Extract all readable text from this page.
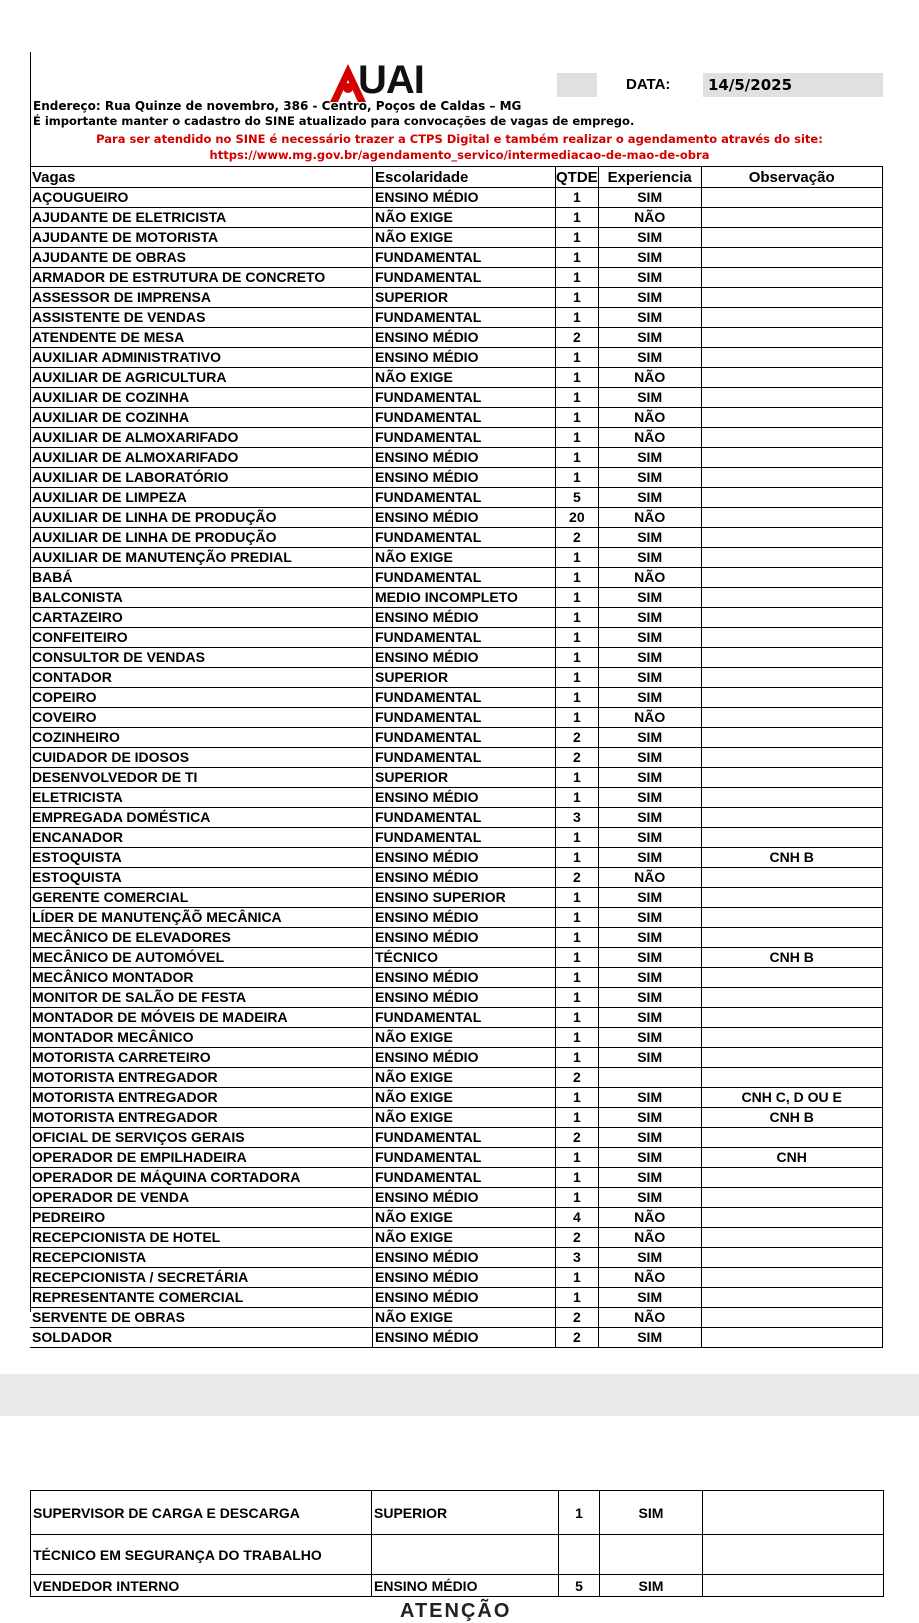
DATA:	14/5/2025
UAI
Endereço: Rua Quinze de novembro, 386 - Centro, Poços de Caldas – MG
É importante manter o cadastro do SINE atualizado para convocações de vagas de emprego.
Para ser atendido no SINE é necessário trazer a CTPS Digital e também realizar o agendamento através do site:
https://www.mg.gov.br/agendamento_servico/intermediacao-de-mao-de-obra
Vagas	Escolaridade	QTDE	Experiencia	Observação
AÇOUGUEIRO	ENSINO MÉDIO	1	SIM	
AJUDANTE DE ELETRICISTA	NÃO EXIGE	1	NÃO	
AJUDANTE DE MOTORISTA	NÃO EXIGE	1	SIM	
AJUDANTE DE OBRAS	FUNDAMENTAL	1	SIM	
ARMADOR DE ESTRUTURA DE CONCRETO	FUNDAMENTAL	1	SIM	
ASSESSOR DE IMPRENSA	SUPERIOR	1	SIM	
ASSISTENTE DE VENDAS	FUNDAMENTAL	1	SIM	
ATENDENTE DE MESA	ENSINO MÉDIO	2	SIM	
AUXILIAR ADMINISTRATIVO	ENSINO MÉDIO	1	SIM	
AUXILIAR DE AGRICULTURA	NÃO EXIGE	1	NÃO	
AUXILIAR DE COZINHA	FUNDAMENTAL	1	SIM	
AUXILIAR DE COZINHA	FUNDAMENTAL	1	NÃO	
AUXILIAR DE ALMOXARIFADO	FUNDAMENTAL	1	NÃO	
AUXILIAR DE ALMOXARIFADO	ENSINO MÉDIO	1	SIM	
AUXILIAR DE LABORATÓRIO	ENSINO MÉDIO	1	SIM	
AUXILIAR DE LIMPEZA	FUNDAMENTAL	5	SIM	
AUXILIAR DE LINHA DE PRODUÇÃO	ENSINO MÉDIO	20	NÃO	
AUXILIAR DE LINHA DE PRODUÇÃO	FUNDAMENTAL	2	SIM	
AUXILIAR DE MANUTENÇÃO PREDIAL	NÃO EXIGE	1	SIM	
BABÁ	FUNDAMENTAL	1	NÃO	
BALCONISTA	MEDIO INCOMPLETO	1	SIM	
CARTAZEIRO	ENSINO MÉDIO	1	SIM	
CONFEITEIRO	FUNDAMENTAL	1	SIM	
CONSULTOR DE VENDAS	ENSINO MÉDIO	1	SIM	
CONTADOR	SUPERIOR	1	SIM	
COPEIRO	FUNDAMENTAL	1	SIM	
COVEIRO	FUNDAMENTAL	1	NÃO	
COZINHEIRO	FUNDAMENTAL	2	SIM	
CUIDADOR DE IDOSOS	FUNDAMENTAL	2	SIM	
DESENVOLVEDOR DE TI	SUPERIOR	1	SIM	
ELETRICISTA	ENSINO MÉDIO	1	SIM	
EMPREGADA DOMÉSTICA	FUNDAMENTAL	3	SIM	
ENCANADOR	FUNDAMENTAL	1	SIM	
ESTOQUISTA	ENSINO MÉDIO	1	SIM	CNH B
ESTOQUISTA	ENSINO MÉDIO	2	NÃO	
GERENTE COMERCIAL	ENSINO SUPERIOR	1	SIM	
LÍDER DE MANUTENÇÃÕ MECÂNICA	ENSINO MÉDIO	1	SIM	
MECÂNICO DE ELEVADORES	ENSINO MÉDIO	1	SIM	
MECÂNICO DE AUTOMÓVEL	TÉCNICO	1	SIM	CNH B
MECÂNICO MONTADOR	ENSINO MÉDIO	1	SIM	
MONITOR DE SALÃO DE FESTA	ENSINO MÉDIO	1	SIM	
MONTADOR DE MÓVEIS DE MADEIRA	FUNDAMENTAL	1	SIM	
MONTADOR MECÂNICO	NÃO EXIGE	1	SIM	
MOTORISTA CARRETEIRO	ENSINO MÉDIO	1	SIM	
MOTORISTA ENTREGADOR	NÃO EXIGE	2		
MOTORISTA ENTREGADOR	NÃO EXIGE	1	SIM	CNH C, D OU E
MOTORISTA ENTREGADOR	NÃO EXIGE	1	SIM	CNH B
OFICIAL DE SERVIÇOS GERAIS	FUNDAMENTAL	2	SIM	
OPERADOR DE EMPILHADEIRA	FUNDAMENTAL	1	SIM	CNH
OPERADOR DE MÁQUINA CORTADORA	FUNDAMENTAL	1	SIM	
OPERADOR DE VENDA	ENSINO MÉDIO	1	SIM	
PEDREIRO	NÃO EXIGE	4	NÃO	
RECEPCIONISTA DE HOTEL	NÃO EXIGE	2	NÃO	
RECEPCIONISTA	ENSINO MÉDIO	3	SIM	
RECEPCIONISTA / SECRETÁRIA	ENSINO MÉDIO	1	NÃO	
REPRESENTANTE COMERCIAL	ENSINO MÉDIO	1	SIM	
SERVENTE DE OBRAS	NÃO EXIGE	2	NÃO	
SOLDADOR	ENSINO MÉDIO	2	SIM	
SUPERVISOR DE CARGA E DESCARGA	SUPERIOR	1	SIM	
TÉCNICO EM SEGURANÇA DO TRABALHO				
VENDEDOR INTERNO	ENSINO MÉDIO	5	SIM	
ATENÇÃO
